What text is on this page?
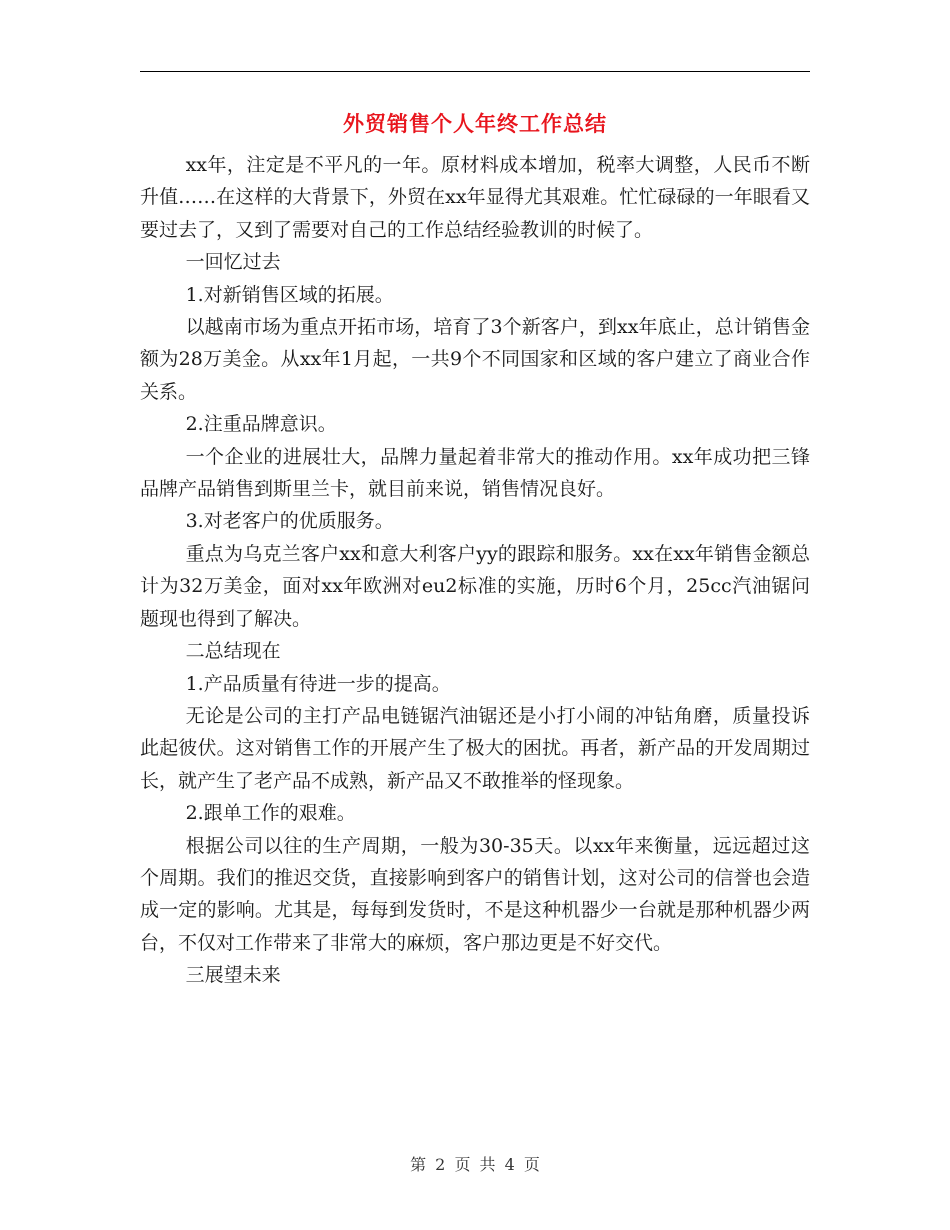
外贸销售个人年终工作总结

xx年，注定是不平凡的一年。原材料成本增加，税率大调整，人民币不断升值……在这样的大背景下，外贸在xx年显得尤其艰难。忙忙碌碌的一年眼看又要过去了，又到了需要对自己的工作总结经验教训的时候了。

一回忆过去

1.对新销售区域的拓展。

以越南市场为重点开拓市场，培育了3个新客户，到xx年底止，总计销售金额为28万美金。从xx年1月起，一共9个不同国家和区域的客户建立了商业合作关系。

2.注重品牌意识。

一个企业的进展壮大，品牌力量起着非常大的推动作用。xx年成功把三锋品牌产品销售到斯里兰卡，就目前来说，销售情况良好。

3.对老客户的优质服务。

重点为乌克兰客户xx和意大利客户yy的跟踪和服务。xx在xx年销售金额总计为32万美金，面对xx年欧洲对eu2标准的实施，历时6个月，25cc汽油锯问题现也得到了解决。

二总结现在

1.产品质量有待进一步的提高。

无论是公司的主打产品电链锯汽油锯还是小打小闹的冲钻角磨，质量投诉此起彼伏。这对销售工作的开展产生了极大的困扰。再者，新产品的开发周期过长，就产生了老产品不成熟，新产品又不敢推举的怪现象。

2.跟单工作的艰难。

根据公司以往的生产周期，一般为30-35天。以xx年来衡量，远远超过这个周期。我们的推迟交货，直接影响到客户的销售计划，这对公司的信誉也会造成一定的影响。尤其是，每每到发货时，不是这种机器少一台就是那种机器少两台，不仅对工作带来了非常大的麻烦，客户那边更是不好交代。

三展望未来

第 2 页 共 4 页
